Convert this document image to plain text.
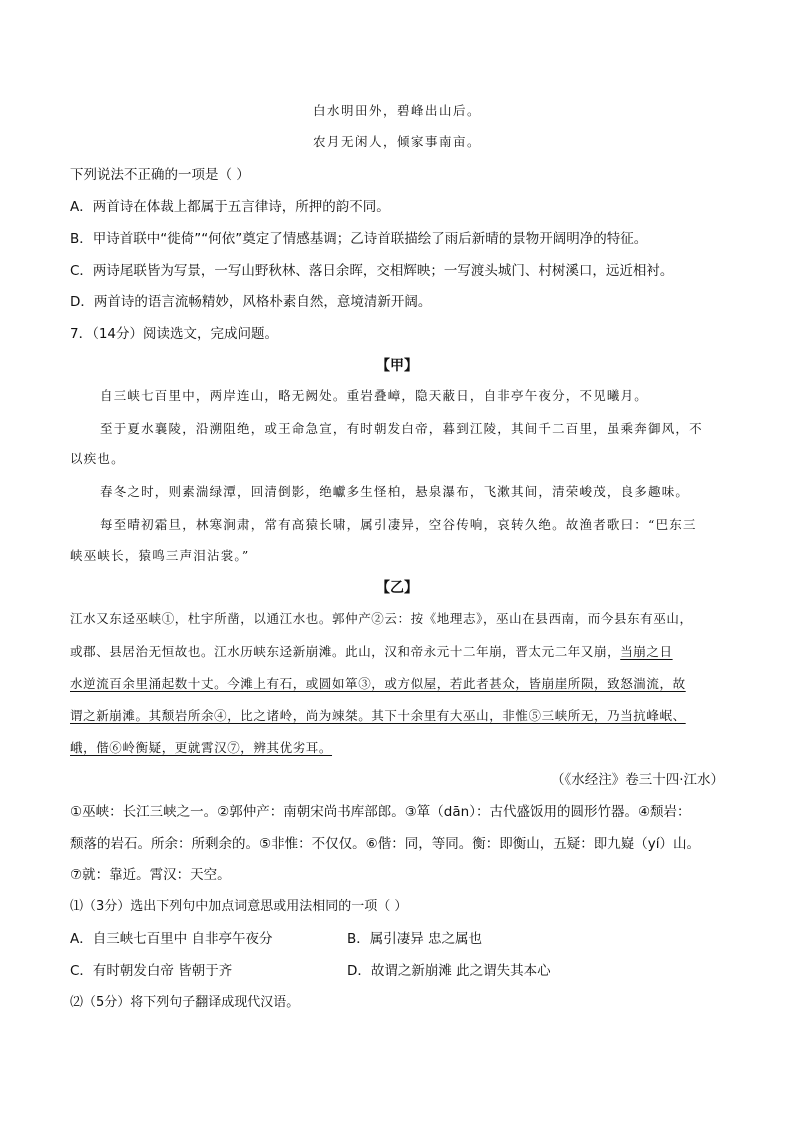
白水明田外，碧峰出山后。
农月无闲人，倾家事南亩。
下列说法不正确的一项是（ ）
A．两首诗在体裁上都属于五言律诗，所押的韵不同。
B．甲诗首联中“徙倚”“何依”奠定了情感基调；乙诗首联描绘了雨后新晴的景物开阔明净的特征。
C．两诗尾联皆为写景，一写山野秋林、落日余晖，交相辉映；一写渡头城门、村树溪口，远近相衬。
D．两首诗的语言流畅精妙，风格朴素自然，意境清新开阔。
7．（14分）阅读选文，完成问题。
【甲】
自三峡七百里中，两岸连山，略无阙处。重岩叠嶂，隐天蔽日，自非亭午夜分，不见曦月。
至于夏水襄陵，沿溯阻绝，或王命急宣，有时朝发白帝，暮到江陵，其间千二百里，虽乘奔御风，不
以疾也。
春冬之时，则素湍绿潭，回清倒影，绝巘多生怪柏，悬泉瀑布，飞漱其间，清荣峻茂，良多趣味。
每至晴初霜旦，林寒涧肃，常有高猿长啸，属引凄异，空谷传响，哀转久绝。故渔者歌曰：“巴东三
峡巫峡长，猿鸣三声泪沾裳。”
【乙】
江水又东迳巫峡①，杜宇所凿，以通江水也。郭仲产②云：按《地理志》，巫山在县西南，而今县东有巫山，
或郡、县居治无恒故也。江水历峡东迳新崩滩。此山，汉和帝永元十二年崩，晋太元二年又崩，当崩之日
水逆流百余里涌起数十丈。今滩上有石，或圆如箪③，或方似屋，若此者甚众，皆崩崖所陨，致怒湍流，故
谓之新崩滩。其颓岩所余④，比之诸岭，尚为竦桀。其下十余里有大巫山，非惟⑤三峡所无，乃当抗峰岷、
峨，偕⑥岭衡疑，更就霄汉⑦，辨其优劣耳。
（《水经注》卷三十四·江水）
①巫峡：长江三峡之一。②郭仲产：南朝宋尚书库部郎。③箪（dān）：古代盛饭用的圆形竹器。④颓岩：
颓落的岩石。所余：所剩余的。⑤非惟：不仅仅。⑥偕：同，等同。衡：即衡山，五疑：即九嶷（yí）山。
⑦就：靠近。霄汉：天空。
⑴（3分）选出下列句中加点词意思或用法相同的一项（ ）
A．自三峡七百里中 自非亭午夜分	B．属引凄异 忠之属也
C．有时朝发白帝 皆朝于齐	D．故谓之新崩滩 此之谓失其本心
⑵（5分）将下列句子翻译成现代汉语。
